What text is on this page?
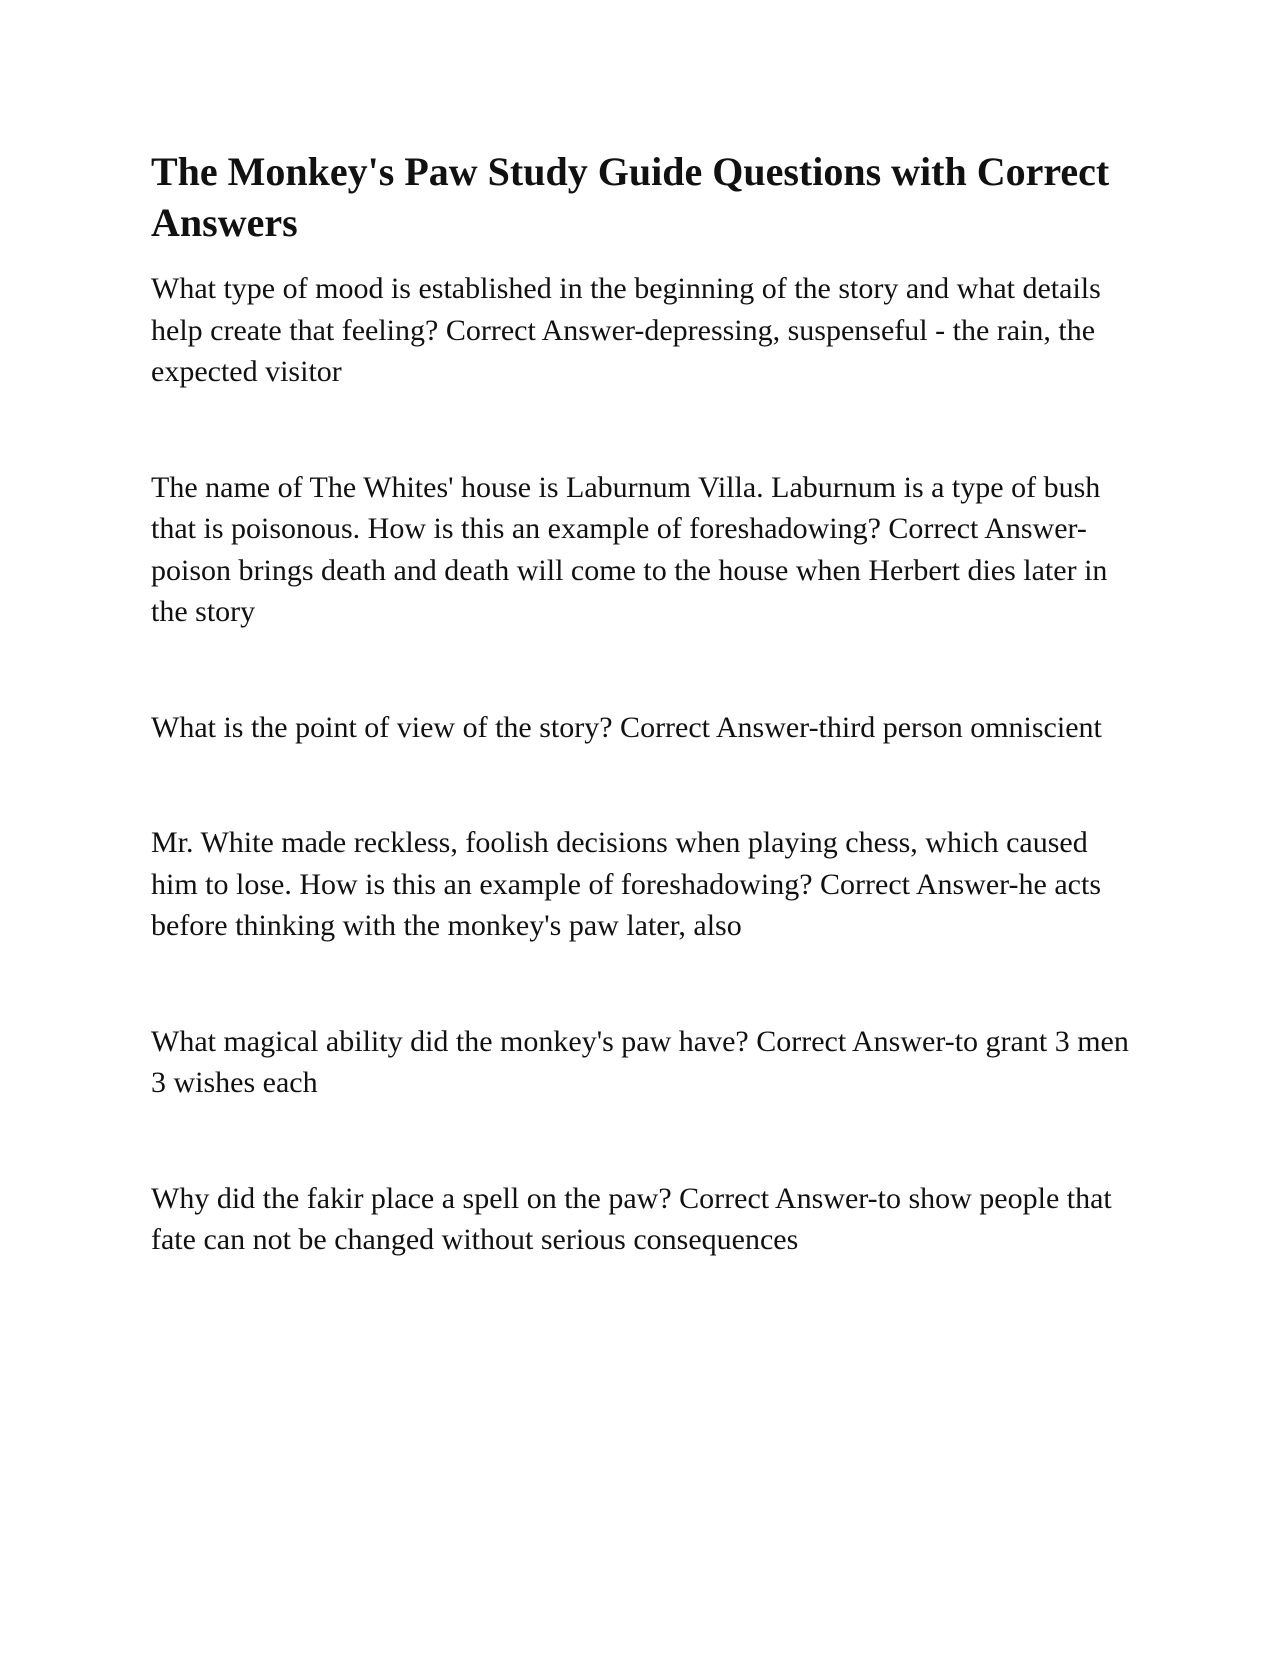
The Monkey's Paw Study Guide Questions with Correct Answers

What type of mood is established in the beginning of the story and what details help create that feeling? Correct Answer-depressing, suspenseful - the rain, the expected visitor

The name of The Whites' house is Laburnum Villa. Laburnum is a type of bush that is poisonous. How is this an example of foreshadowing? Correct Answer-poison brings death and death will come to the house when Herbert dies later in the story

What is the point of view of the story? Correct Answer-third person omniscient

Mr. White made reckless, foolish decisions when playing chess, which caused him to lose. How is this an example of foreshadowing? Correct Answer-he acts before thinking with the monkey's paw later, also

What magical ability did the monkey's paw have? Correct Answer-to grant 3 men 3 wishes each

Why did the fakir place a spell on the paw? Correct Answer-to show people that fate can not be changed without serious consequences
